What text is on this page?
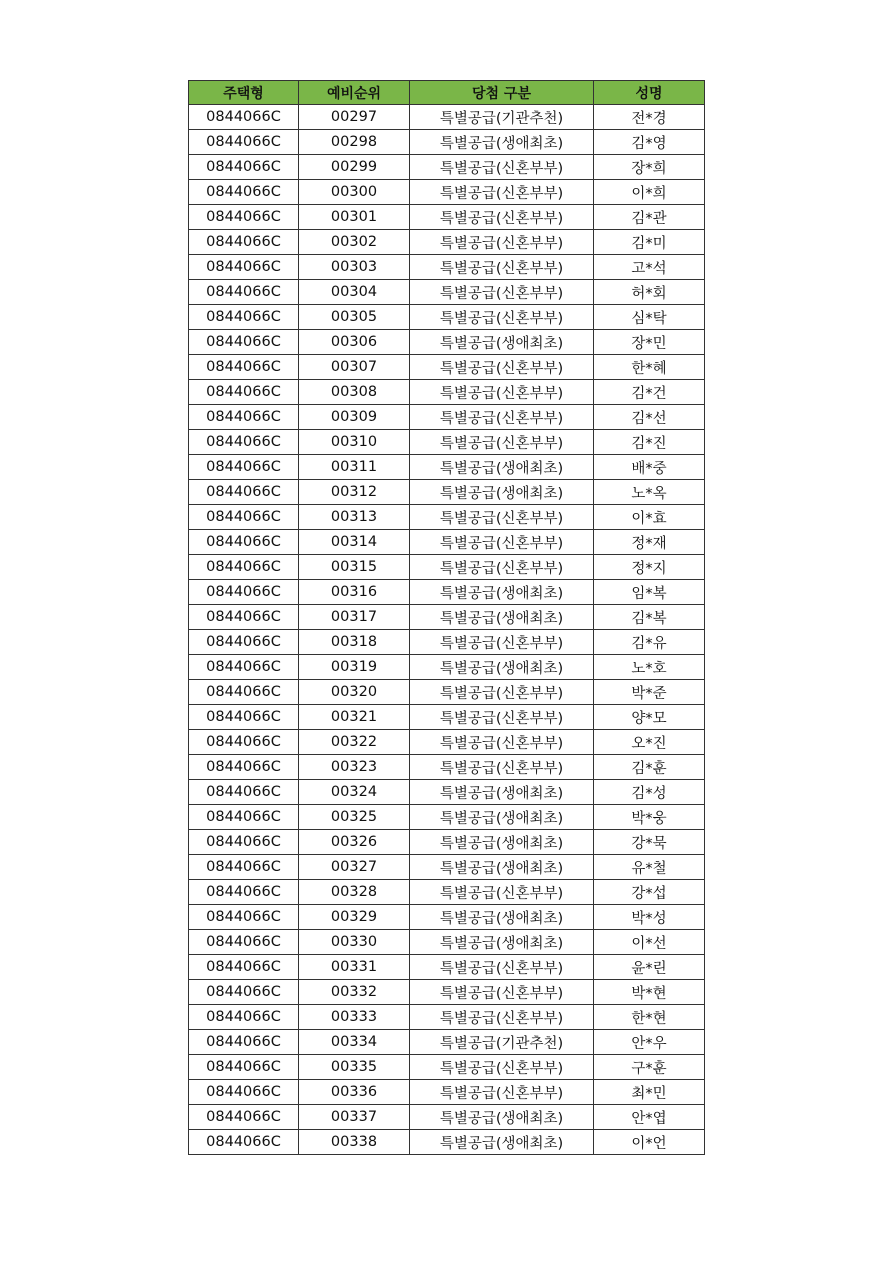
주택형	예비순위	당첨 구분	성명
0844066C	00297	특별공급(기관추천)	전*경
0844066C	00298	특별공급(생애최초)	김*영
0844066C	00299	특별공급(신혼부부)	장*희
0844066C	00300	특별공급(신혼부부)	이*희
0844066C	00301	특별공급(신혼부부)	김*관
0844066C	00302	특별공급(신혼부부)	김*미
0844066C	00303	특별공급(신혼부부)	고*석
0844066C	00304	특별공급(신혼부부)	허*회
0844066C	00305	특별공급(신혼부부)	심*탁
0844066C	00306	특별공급(생애최초)	장*민
0844066C	00307	특별공급(신혼부부)	한*혜
0844066C	00308	특별공급(신혼부부)	김*건
0844066C	00309	특별공급(신혼부부)	김*선
0844066C	00310	특별공급(신혼부부)	김*진
0844066C	00311	특별공급(생애최초)	배*중
0844066C	00312	특별공급(생애최초)	노*옥
0844066C	00313	특별공급(신혼부부)	이*효
0844066C	00314	특별공급(신혼부부)	정*재
0844066C	00315	특별공급(신혼부부)	정*지
0844066C	00316	특별공급(생애최초)	임*복
0844066C	00317	특별공급(생애최초)	김*복
0844066C	00318	특별공급(신혼부부)	김*유
0844066C	00319	특별공급(생애최초)	노*호
0844066C	00320	특별공급(신혼부부)	박*준
0844066C	00321	특별공급(신혼부부)	양*모
0844066C	00322	특별공급(신혼부부)	오*진
0844066C	00323	특별공급(신혼부부)	김*훈
0844066C	00324	특별공급(생애최초)	김*성
0844066C	00325	특별공급(생애최초)	박*웅
0844066C	00326	특별공급(생애최초)	강*묵
0844066C	00327	특별공급(생애최초)	유*철
0844066C	00328	특별공급(신혼부부)	강*섭
0844066C	00329	특별공급(생애최초)	박*성
0844066C	00330	특별공급(생애최초)	이*선
0844066C	00331	특별공급(신혼부부)	윤*린
0844066C	00332	특별공급(신혼부부)	박*현
0844066C	00333	특별공급(신혼부부)	한*현
0844066C	00334	특별공급(기관추천)	안*우
0844066C	00335	특별공급(신혼부부)	구*훈
0844066C	00336	특별공급(신혼부부)	최*민
0844066C	00337	특별공급(생애최초)	안*엽
0844066C	00338	특별공급(생애최초)	이*언
